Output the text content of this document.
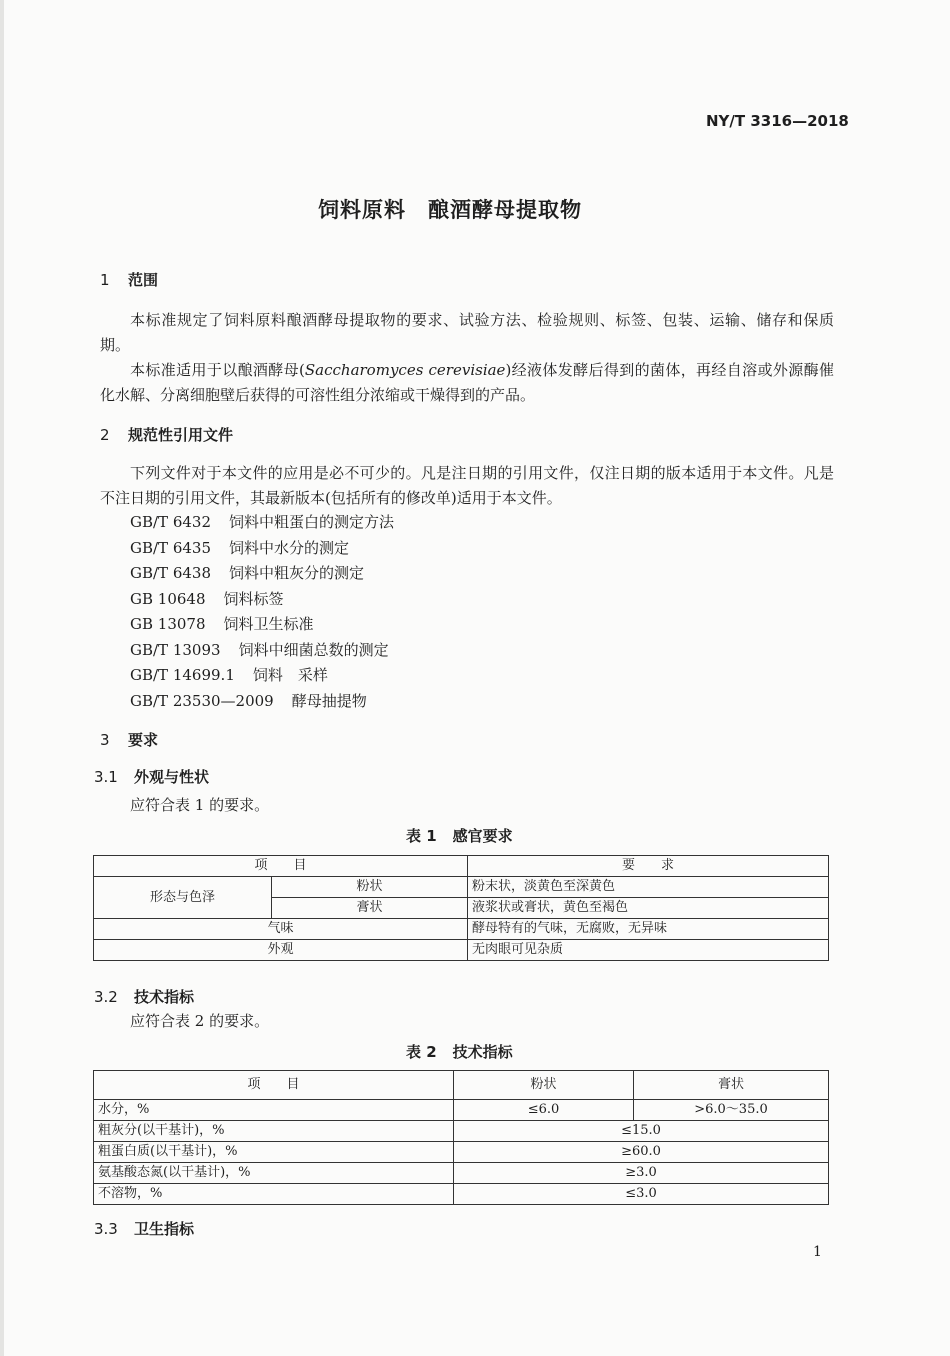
NY/T 3316—2018
饲料原料 酿酒酵母提取物
1 范围
本标准规定了饲料原料酿酒酵母提取物的要求、试验方法、检验规则、标签、包装、运输、储存和保质期。
本标准适用于以酿酒酵母(Saccharomyces cerevisiae)经液体发酵后得到的菌体，再经自溶或外源酶催化水解、分离细胞壁后获得的可溶性组分浓缩或干燥得到的产品。
2 规范性引用文件
下列文件对于本文件的应用是必不可少的。凡是注日期的引用文件，仅注日期的版本适用于本文件。凡是不注日期的引用文件，其最新版本(包括所有的修改单)适用于本文件。
GB/T 6432 饲料中粗蛋白的测定方法
GB/T 6435 饲料中水分的测定
GB/T 6438 饲料中粗灰分的测定
GB 10648 饲料标签
GB 13078 饲料卫生标准
GB/T 13093 饲料中细菌总数的测定
GB/T 14699.1 饲料　采样
GB/T 23530—2009 酵母抽提物
3 要求
3.1 外观与性状
应符合表 1 的要求。
表 1 感官要求
项　　目		要　　求
形态与色泽	粉状	粉末状，淡黄色至深黄色
	膏状	液浆状或膏状，黄色至褐色
气味		酵母特有的气味，无腐败，无异味
外观		无肉眼可见杂质
3.2 技术指标
应符合表 2 的要求。
表 2 技术指标
项　　目	粉状	膏状
水分，%	≤6.0	>6.0～35.0
粗灰分(以干基计)，%	≤15.0	
粗蛋白质(以干基计)，%	≥60.0	
氨基酸态氮(以干基计)，%	≥3.0	
不溶物，%	≤3.0	
3.3 卫生指标
1
